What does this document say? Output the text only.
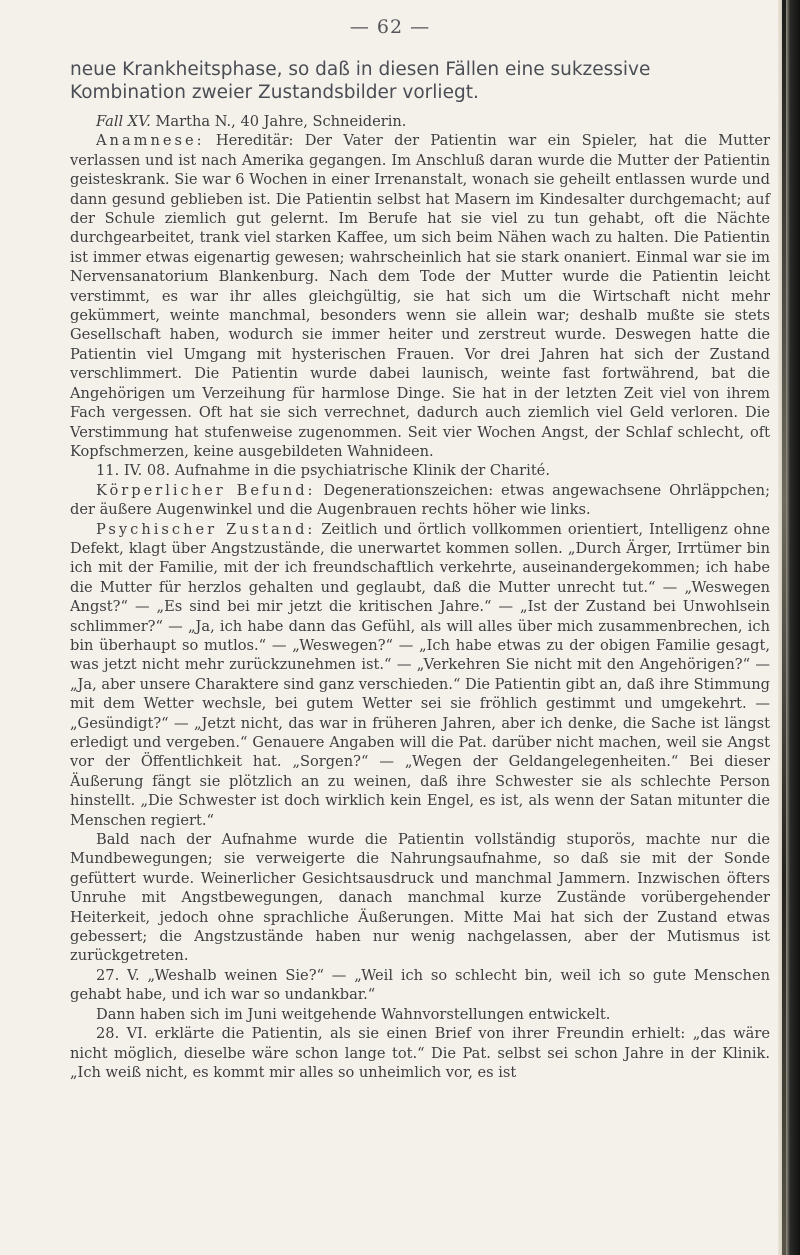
— 62 —
neue Krankheitsphase, so daß in diesen Fällen eine sukzessive Kombination zweier Zustandsbilder vorliegt.

Fall XV. Martha N., 40 Jahre, Schneiderin.

Anamnese: Hereditär: Der Vater der Patientin war ein Spieler, hat die Mutter verlassen und ist nach Amerika gegangen. Im Anschluß daran wurde die Mutter der Patientin geisteskrank. Sie war 6 Wochen in einer Irrenanstalt, wonach sie geheilt entlassen wurde und dann gesund geblieben ist. Die Patientin selbst hat Masern im Kindesalter durchgemacht; auf der Schule ziemlich gut gelernt. Im Berufe hat sie viel zu tun gehabt, oft die Nächte durchgearbeitet, trank viel starken Kaffee, um sich beim Nähen wach zu halten. Die Patientin ist immer etwas eigenartig gewesen; wahrscheinlich hat sie stark onaniert. Einmal war sie im Nervensanatorium Blankenburg. Nach dem Tode der Mutter wurde die Patientin leicht verstimmt, es war ihr alles gleichgültig, sie hat sich um die Wirtschaft nicht mehr gekümmert, weinte manchmal, besonders wenn sie allein war; deshalb mußte sie stets Gesellschaft haben, wodurch sie immer heiter und zerstreut wurde. Deswegen hatte die Patientin viel Umgang mit hysterischen Frauen. Vor drei Jahren hat sich der Zustand verschlimmert. Die Patientin wurde dabei launisch, weinte fast fortwährend, bat die Angehörigen um Verzeihung für harmlose Dinge. Sie hat in der letzten Zeit viel von ihrem Fach vergessen. Oft hat sie sich verrechnet, dadurch auch ziemlich viel Geld verloren. Die Verstimmung hat stufenweise zugenommen. Seit vier Wochen Angst, der Schlaf schlecht, oft Kopfschmerzen, keine ausgebildeten Wahnideen.

11. IV. 08. Aufnahme in die psychiatrische Klinik der Charité.

Körperlicher Befund: Degenerationszeichen: etwas angewachsene Ohrläppchen; der äußere Augenwinkel und die Augenbrauen rechts höher wie links.

Psychischer Zustand: Zeitlich und örtlich vollkommen orientiert, Intelligenz ohne Defekt, klagt über Angstzustände, die unerwartet kommen sollen. „Durch Ärger, Irrtümer bin ich mit der Familie, mit der ich freundschaftlich verkehrte, auseinandergekommen; ich habe die Mutter für herzlos gehalten und geglaubt, daß die Mutter unrecht tut.“ — „Weswegen Angst?“ — „Es sind bei mir jetzt die kritischen Jahre.“ — „Ist der Zustand bei Unwohlsein schlimmer?“ — „Ja, ich habe dann das Gefühl, als will alles über mich zusammenbrechen, ich bin überhaupt so mutlos.“ — „Weswegen?“ — „Ich habe etwas zu der obigen Familie gesagt, was jetzt nicht mehr zurückzunehmen ist.“ — „Verkehren Sie nicht mit den Angehörigen?“ — „Ja, aber unsere Charaktere sind ganz verschieden.“ Die Patientin gibt an, daß ihre Stimmung mit dem Wetter wechsle, bei gutem Wetter sei sie fröhlich gestimmt und umgekehrt. — „Gesündigt?“ — „Jetzt nicht, das war in früheren Jahren, aber ich denke, die Sache ist längst erledigt und vergeben.“ Genauere Angaben will die Pat. darüber nicht machen, weil sie Angst vor der Öffentlichkeit hat. „Sorgen?“ — „Wegen der Geldangelegenheiten.“ Bei dieser Äußerung fängt sie plötzlich an zu weinen, daß ihre Schwester sie als schlechte Person hinstellt. „Die Schwester ist doch wirklich kein Engel, es ist, als wenn der Satan mitunter die Menschen regiert.“

Bald nach der Aufnahme wurde die Patientin vollständig stuporös, machte nur die Mundbewegungen; sie verweigerte die Nahrungsaufnahme, so daß sie mit der Sonde gefüttert wurde. Weinerlicher Gesichtsausdruck und manchmal Jammern. Inzwischen öfters Unruhe mit Angstbewegungen, danach manchmal kurze Zustände vorübergehender Heiterkeit, jedoch ohne sprachliche Äußerungen. Mitte Mai hat sich der Zustand etwas gebessert; die Angstzustände haben nur wenig nachgelassen, aber der Mutismus ist zurückgetreten.

27. V. „Weshalb weinen Sie?“ — „Weil ich so schlecht bin, weil ich so gute Menschen gehabt habe, und ich war so undankbar.“

Dann haben sich im Juni weitgehende Wahnvorstellungen entwickelt.

28. VI. erklärte die Patientin, als sie einen Brief von ihrer Freundin erhielt: „das wäre nicht möglich, dieselbe wäre schon lange tot.“ Die Pat. selbst sei schon Jahre in der Klinik. „Ich weiß nicht, es kommt mir alles so unheimlich vor, es ist
